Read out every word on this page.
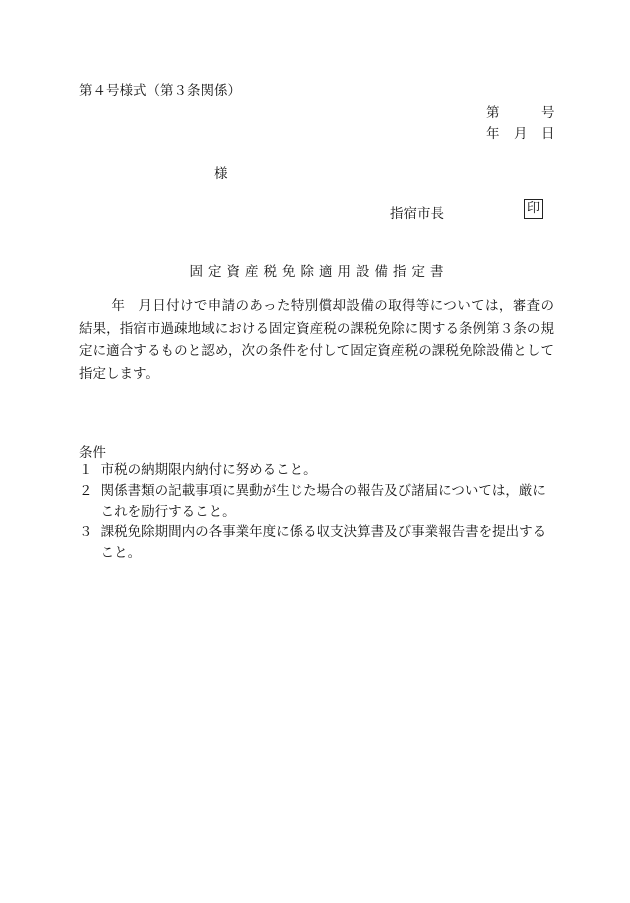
第４号様式（第３条関係）
第	号
年 月 日
様
指宿市長	印
固定資産税免除適用設備指定書
年 月日付けで申請のあった特別償却設備の取得等については，審査の結果，指宿市過疎地域における固定資産税の課税免除に関する条例第３条の規定に適合するものと認め，次の条件を付して固定資産税の課税免除設備として指定します。
条件
１ 市税の納期限内納付に努めること。
２ 関係書類の記載事項に異動が生じた場合の報告及び諸届については，厳にこれを励行すること。
３ 課税免除期間内の各事業年度に係る収支決算書及び事業報告書を提出すること。
